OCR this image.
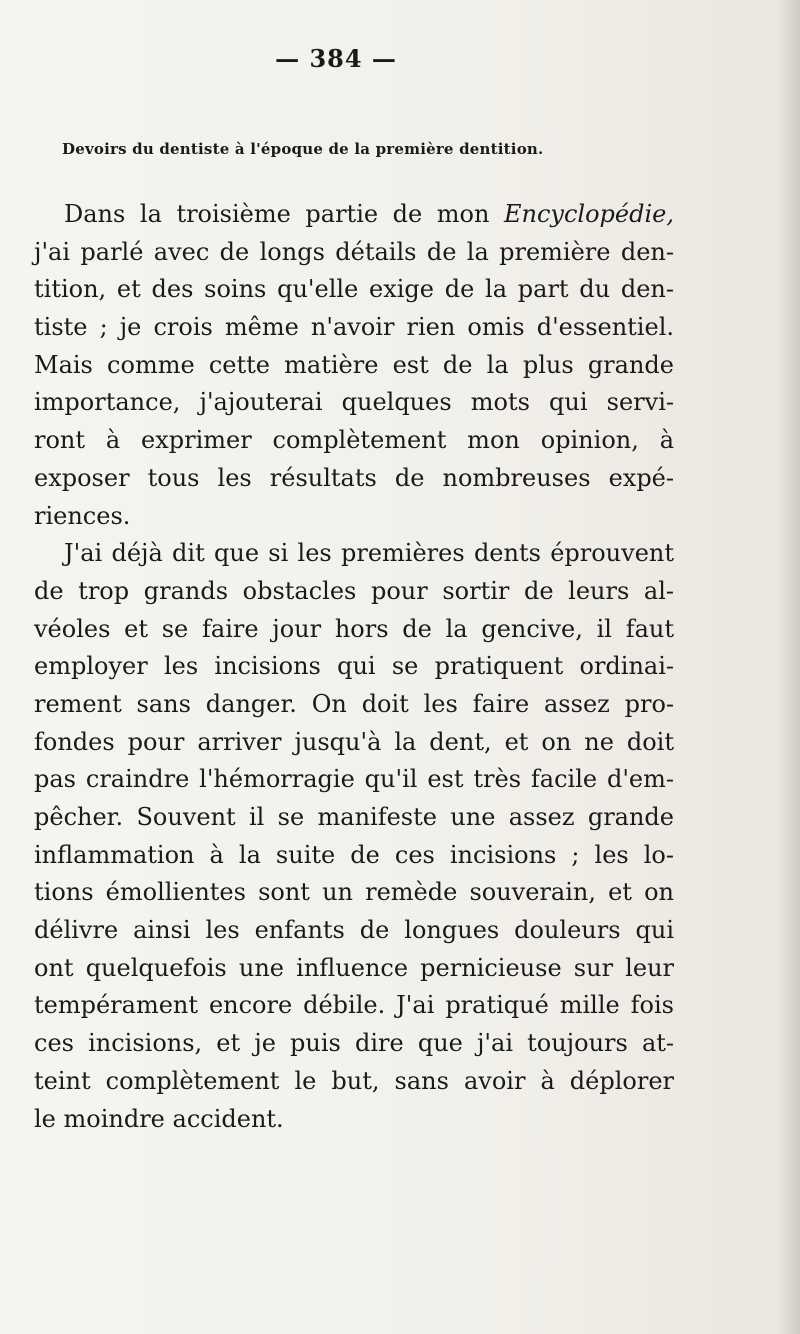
— 384 —
Devoirs du dentiste à l'époque de la première dentition.
Dans la troisième partie de mon Encyclopédie,
j'ai parlé avec de longs détails de la première den-
tition, et des soins qu'elle exige de la part du den-
tiste ; je crois même n'avoir rien omis d'essentiel.
Mais comme cette matière est de la plus grande
importance, j'ajouterai quelques mots qui servi-
ront à exprimer complètement mon opinion, à
exposer tous les résultats de nombreuses expé-
riences.
J'ai déjà dit que si les premières dents éprouvent
de trop grands obstacles pour sortir de leurs al-
véoles et se faire jour hors de la gencive, il faut
employer les incisions qui se pratiquent ordinai-
rement sans danger. On doit les faire assez pro-
fondes pour arriver jusqu'à la dent, et on ne doit
pas craindre l'hémorragie qu'il est très facile d'em-
pêcher. Souvent il se manifeste une assez grande
inflammation à la suite de ces incisions ; les lo-
tions émollientes sont un remède souverain, et on
délivre ainsi les enfants de longues douleurs qui
ont quelquefois une influence pernicieuse sur leur
tempérament encore débile. J'ai pratiqué mille fois
ces incisions, et je puis dire que j'ai toujours at-
teint complètement le but, sans avoir à déplorer
le moindre accident.
